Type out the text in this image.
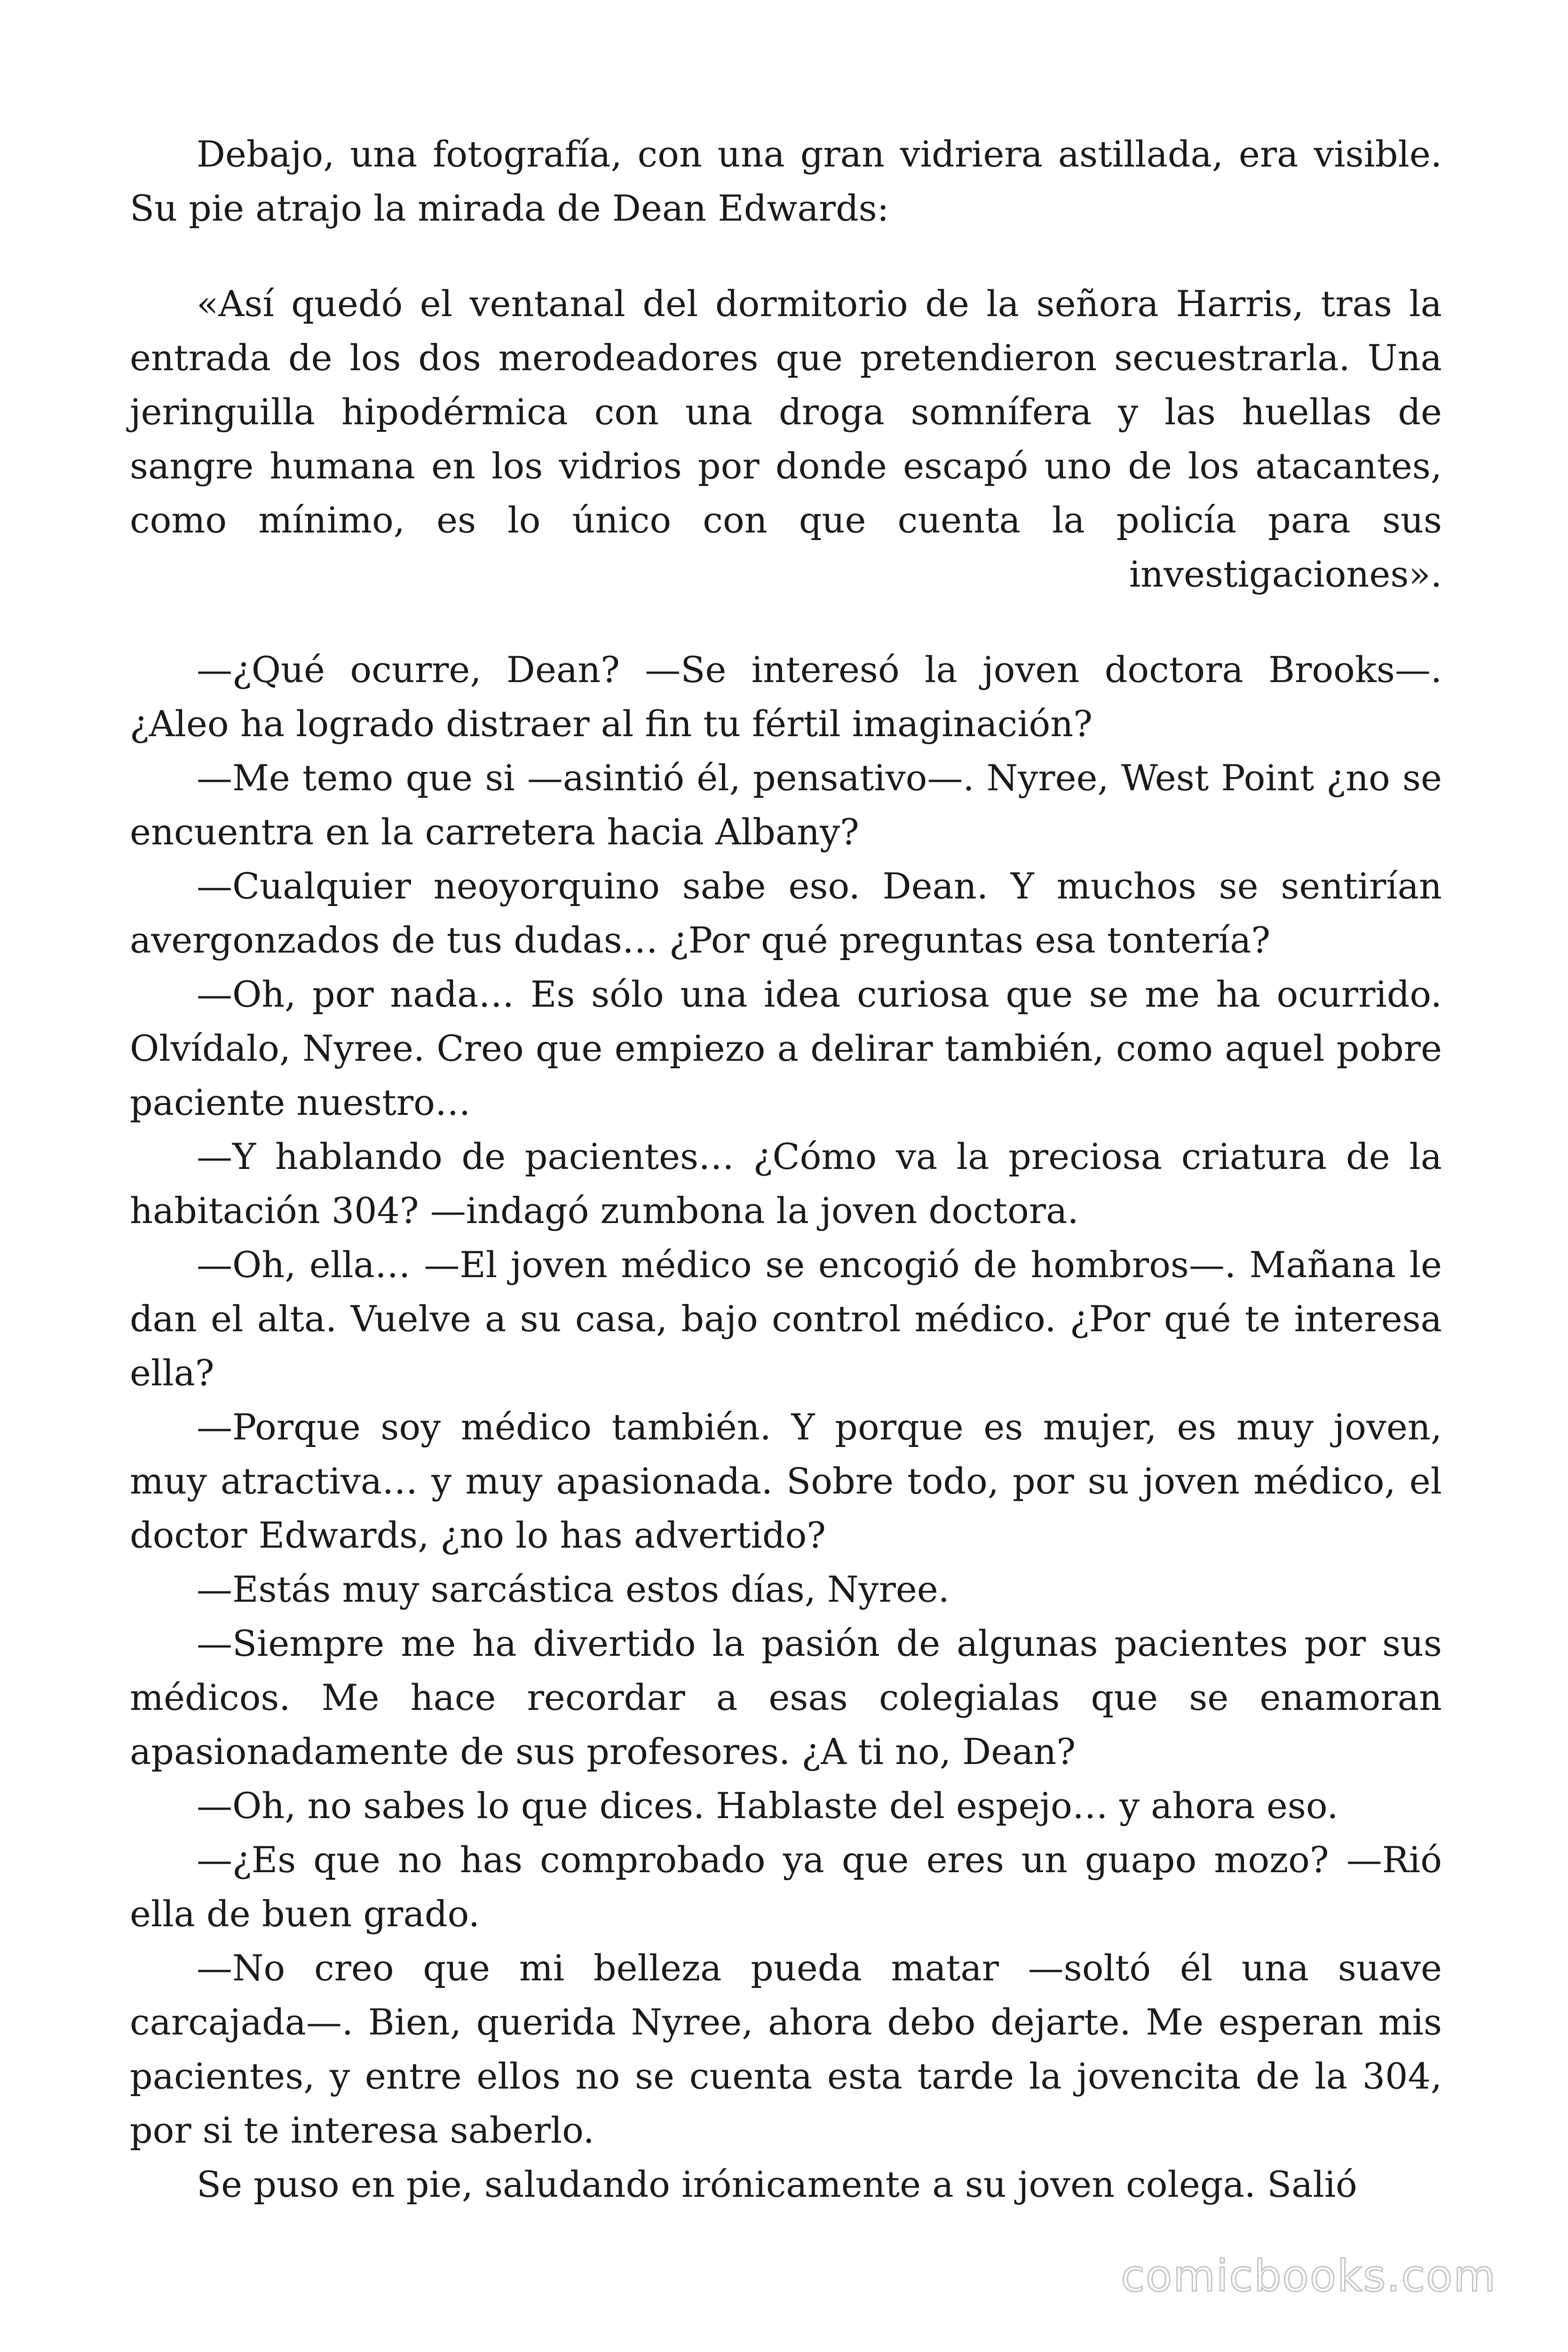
Debajo, una fotografía, con una gran vidriera astillada, era visible. Su pie atrajo la mirada de Dean Edwards:

«Así quedó el ventanal del dormitorio de la señora Harris, tras la entrada de los dos merodeadores que pretendieron secuestrarla. Una jeringuilla hipodérmica con una droga somnífera y las huellas de sangre humana en los vidrios por donde escapó uno de los atacantes, como mínimo, es lo único con que cuenta la policía para sus investigaciones».

—¿Qué ocurre, Dean? —Se interesó la joven doctora Brooks—. ¿Aleo ha logrado distraer al fin tu fértil imaginación?

—Me temo que si —asintió él, pensativo—. Nyree, West Point ¿no se encuentra en la carretera hacia Albany?

—Cualquier neoyorquino sabe eso. Dean. Y muchos se sentirían avergonzados de tus dudas… ¿Por qué preguntas esa tontería?

—Oh, por nada… Es sólo una idea curiosa que se me ha ocurrido. Olvídalo, Nyree. Creo que empiezo a delirar también, como aquel pobre paciente nuestro…

—Y hablando de pacientes… ¿Cómo va la preciosa criatura de la habitación 304? —indagó zumbona la joven doctora.

—Oh, ella… —El joven médico se encogió de hombros—. Mañana le dan el alta. Vuelve a su casa, bajo control médico. ¿Por qué te interesa ella?

—Porque soy médico también. Y porque es mujer, es muy joven, muy atractiva… y muy apasionada. Sobre todo, por su joven médico, el doctor Edwards, ¿no lo has advertido?

—Estás muy sarcástica estos días, Nyree.

—Siempre me ha divertido la pasión de algunas pacientes por sus médicos. Me hace recordar a esas colegialas que se enamoran apasionadamente de sus profesores. ¿A ti no, Dean?

—Oh, no sabes lo que dices. Hablaste del espejo… y ahora eso.

—¿Es que no has comprobado ya que eres un guapo mozo? —Rió ella de buen grado.

—No creo que mi belleza pueda matar —soltó él una suave carcajada—. Bien, querida Nyree, ahora debo dejarte. Me esperan mis pacientes, y entre ellos no se cuenta esta tarde la jovencita de la 304, por si te interesa saberlo.

Se puso en pie, saludando irónicamente a su joven colega. Salió

comicbooks.com
